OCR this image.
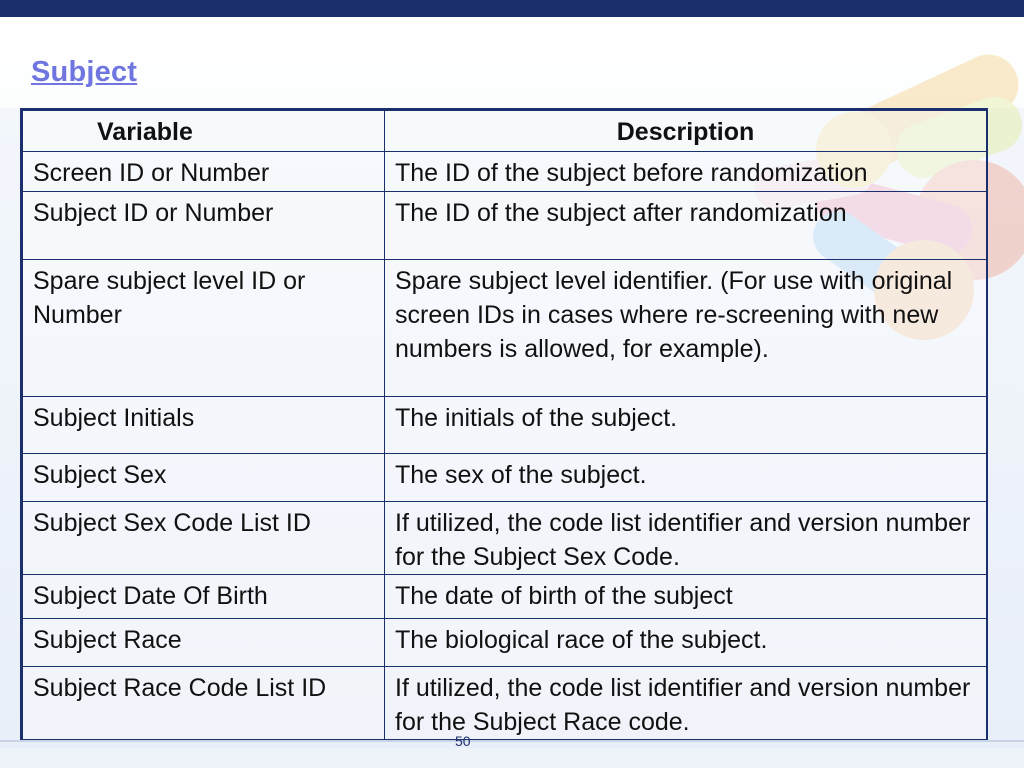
Subject
Variable	Description
Screen ID or Number	The ID of the subject before randomization
Subject ID or Number	The ID of the subject after randomization
Spare subject level ID or Number	Spare subject level identifier. (For use with original screen IDs in cases where re-screening with new numbers is allowed, for example).
Subject Initials	The initials of the subject.
Subject Sex	The sex of the subject.
Subject Sex Code List ID	If utilized, the code list identifier and version number for the Subject Sex Code.
Subject Date Of Birth	The date of birth of the subject
Subject Race	The biological race of the subject.
Subject Race Code List ID	If utilized, the code list identifier and version number for the Subject Race code.
50
